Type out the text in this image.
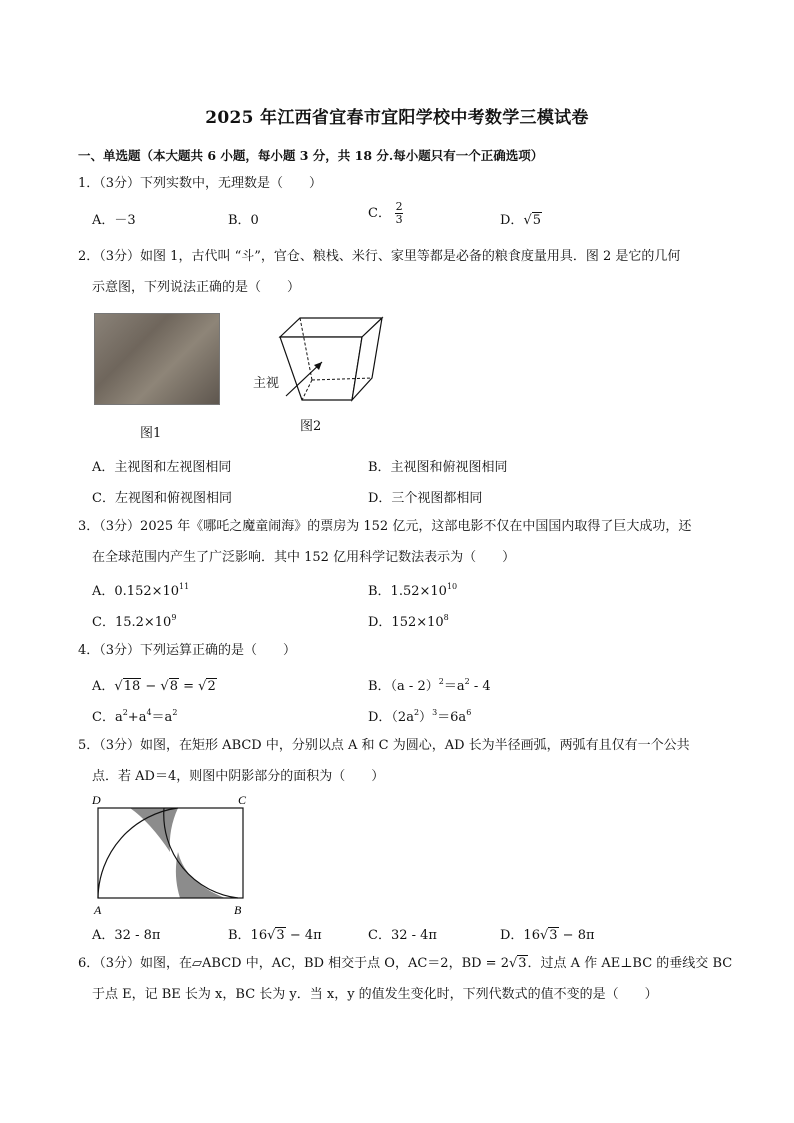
2025 年江西省宜春市宜阳学校中考数学三模试卷
一、单选题（本大题共 6 小题，每小题 3 分，共 18 分.每小题只有一个正确选项）
1．（3分）下列实数中，无理数是（　　）
A．－3	B．0	C． $\frac{2}{3}$	D．√5
2．（3分）如图 1，古代叫 “斗”，官仓、粮栈、米行、家里等都是必备的粮食度量用具．图 2 是它的几何
示意图，下列说法正确的是（　　）
主视
图1	图2
A．主视图和左视图相同	B．主视图和俯视图相同
C．左视图和俯视图相同	D．三个视图都相同
3．（3分）2025 年《哪吒之魔童闹海》的票房为 152 亿元，这部电影不仅在中国国内取得了巨大成功，还
在全球范围内产生了广泛影响．其中 152 亿用科学记数法表示为（　　）
A．$0.152\times 10^{11}$	B．$1.52\times 10^{10}$
C．$15.2\times 10^9$	D．$152\times 10^8$
4．（3分）下列运算正确的是（　　）
A．√18 − √8 = √2	B．$(a - 2)^2=a^2 - 4$
C．$a^2+a^4=a^2$	D．$(2a^2)^3=6a^6$
5．（3分）如图，在矩形 ABCD 中，分别以点 A 和 C 为圆心，AD 长为半径画弧，两弧有且仅有一个公共
点．若 AD＝4，则图中阴影部分的面积为（　　）
D	C
A	B
A．32 - 8π	B．16√3 − 4π	C．32 - 4π	D．16√3 − 8π
6．（3分）如图，在▱ABCD 中，AC，BD 相交于点 O，AC＝2，BD = 2√3．过点 A 作 AE⊥BC 的垂线交 BC
于点 E，记 BE 长为 x，BC 长为 y．当 x，y 的值发生变化时，下列代数式的值不变的是（　　）
